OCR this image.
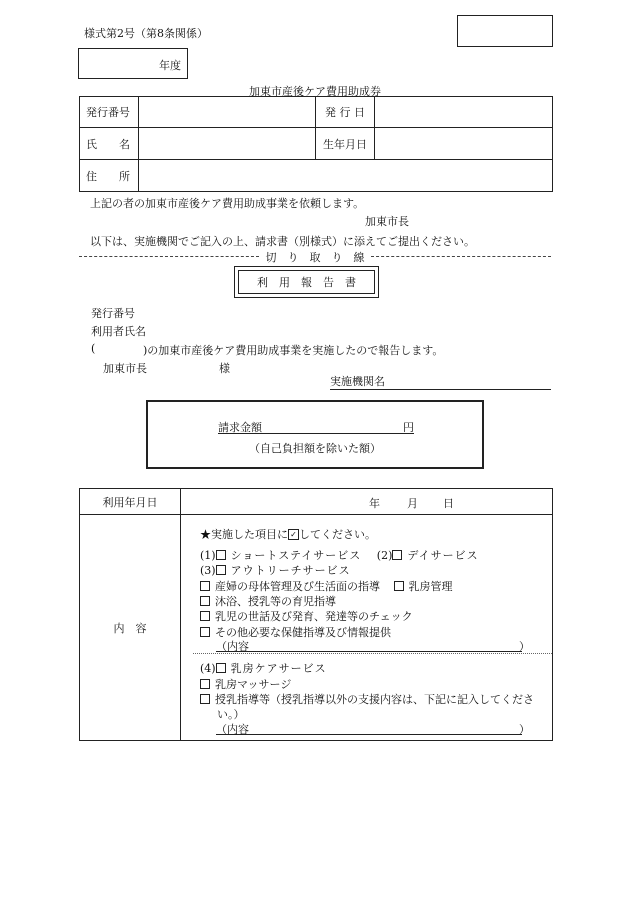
様式第2号（第8条関係）
年度
加東市産後ケア費用助成券
発行番号		発 行 日	
氏　　名		生年月日	
住　　所			
上記の者の加東市産後ケア費用助成事業を依頼します。
加東市長
以下は、実施機関でご記入の上、請求書（別様式）に添えてご提出ください。
切　り　取　り　線
利　用　報　告　書
発行番号
利用者氏名
(	)の加東市産後ケア費用助成事業を実施したので報告します。
加東市長	様
実施機関名
請求金額	円
（自己負担額を除いた額）
利用年月日	年 月 日

内　容	
★実施した項目に ✓ してください。
(1) ショートステイサービス (2) デイサービス
(3) アウトリーチサービス
産婦の母体管理及び生活面の指導	乳房管理
沐浴、授乳等の育児指導
乳児の世話及び発育、発達等のチェック
その他必要な保健指導及び情報提供
（内容	）
(4) 乳房ケアサービス
乳房マッサージ
授乳指導等（授乳指導以外の支援内容は、下記に記入してくださ
い。）
（内容	）
